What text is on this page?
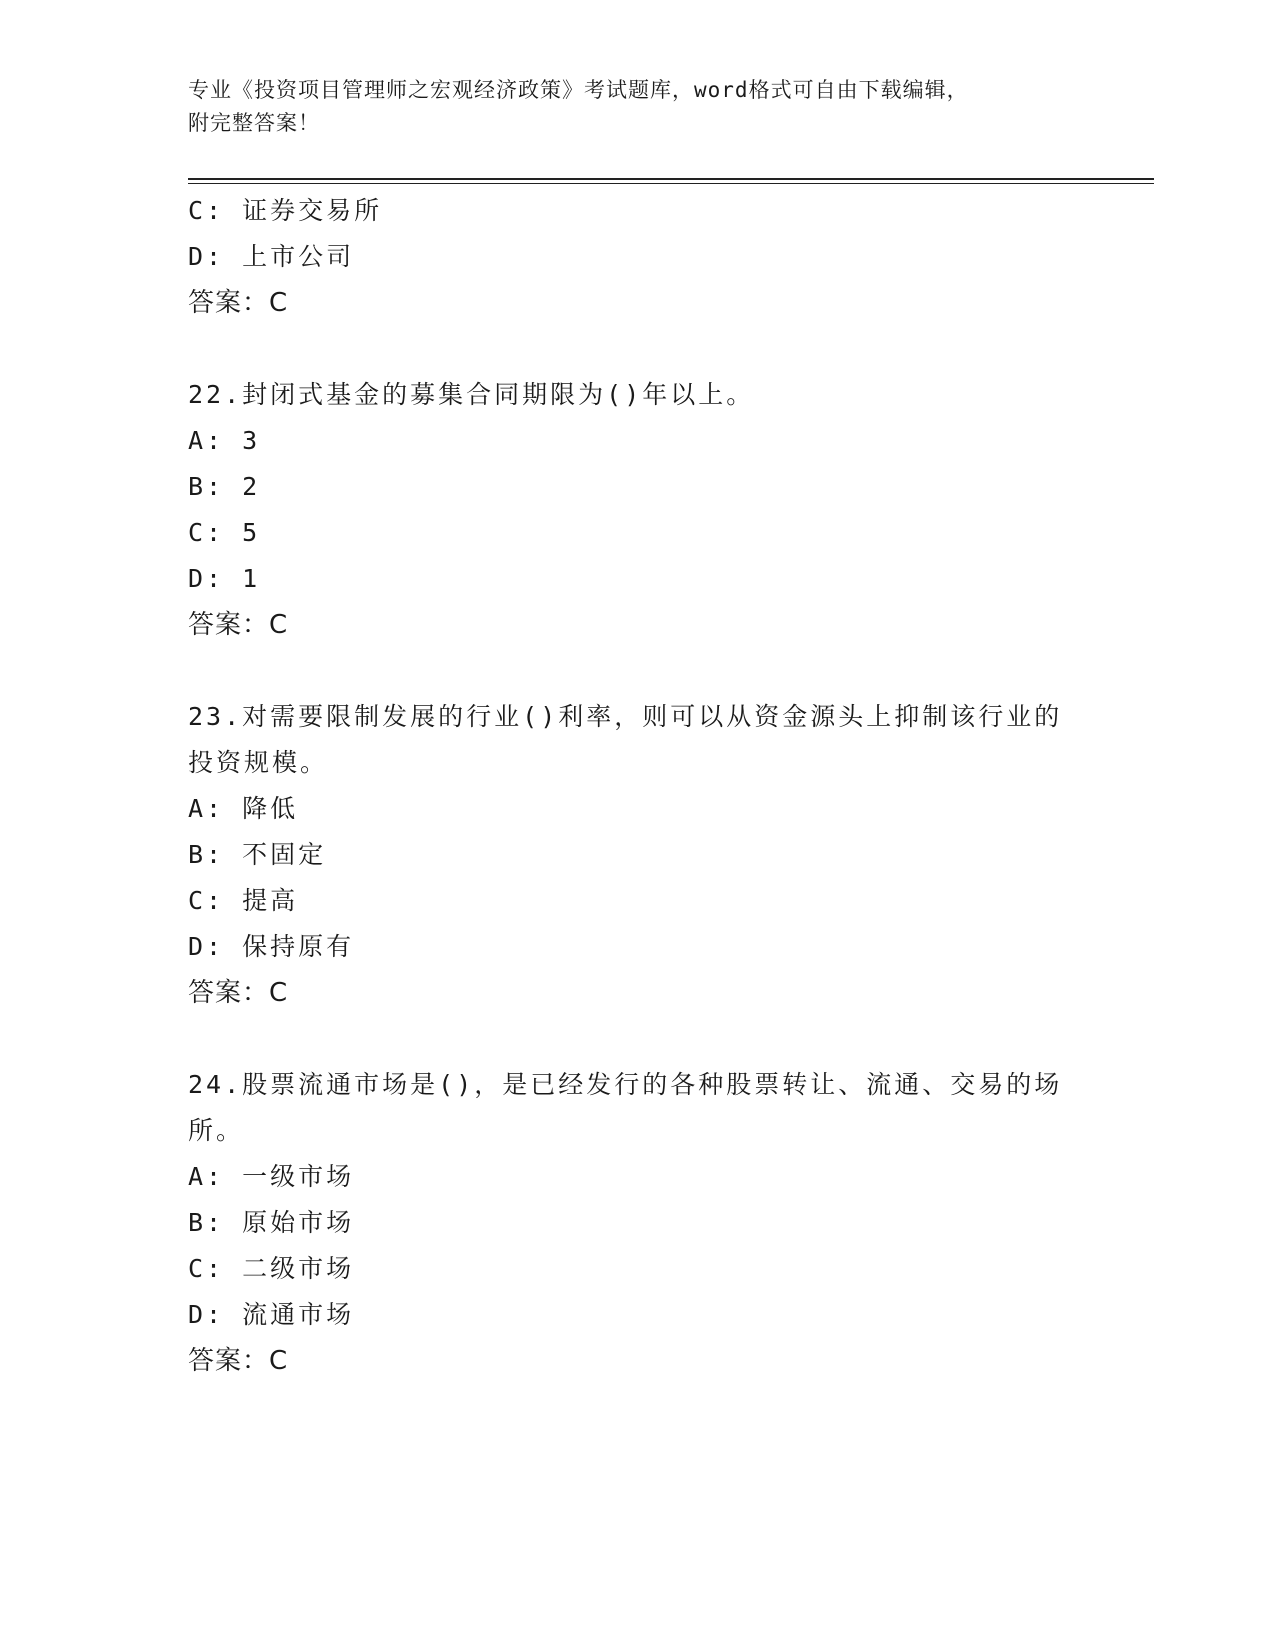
专业《投资项目管理师之宏观经济政策》考试题库，word格式可自由下载编辑，
附完整答案！
C: 证券交易所
D: 上市公司
答案：C
22.封闭式基金的募集合同期限为()年以上。
A: 3
B: 2
C: 5
D: 1
答案：C
23.对需要限制发展的行业()利率，则可以从资金源头上抑制该行业的
投资规模。
A: 降低
B: 不固定
C: 提高
D: 保持原有
答案：C
24.股票流通市场是()，是已经发行的各种股票转让、流通、交易的场
所。
A: 一级市场
B: 原始市场
C: 二级市场
D: 流通市场
答案：C
